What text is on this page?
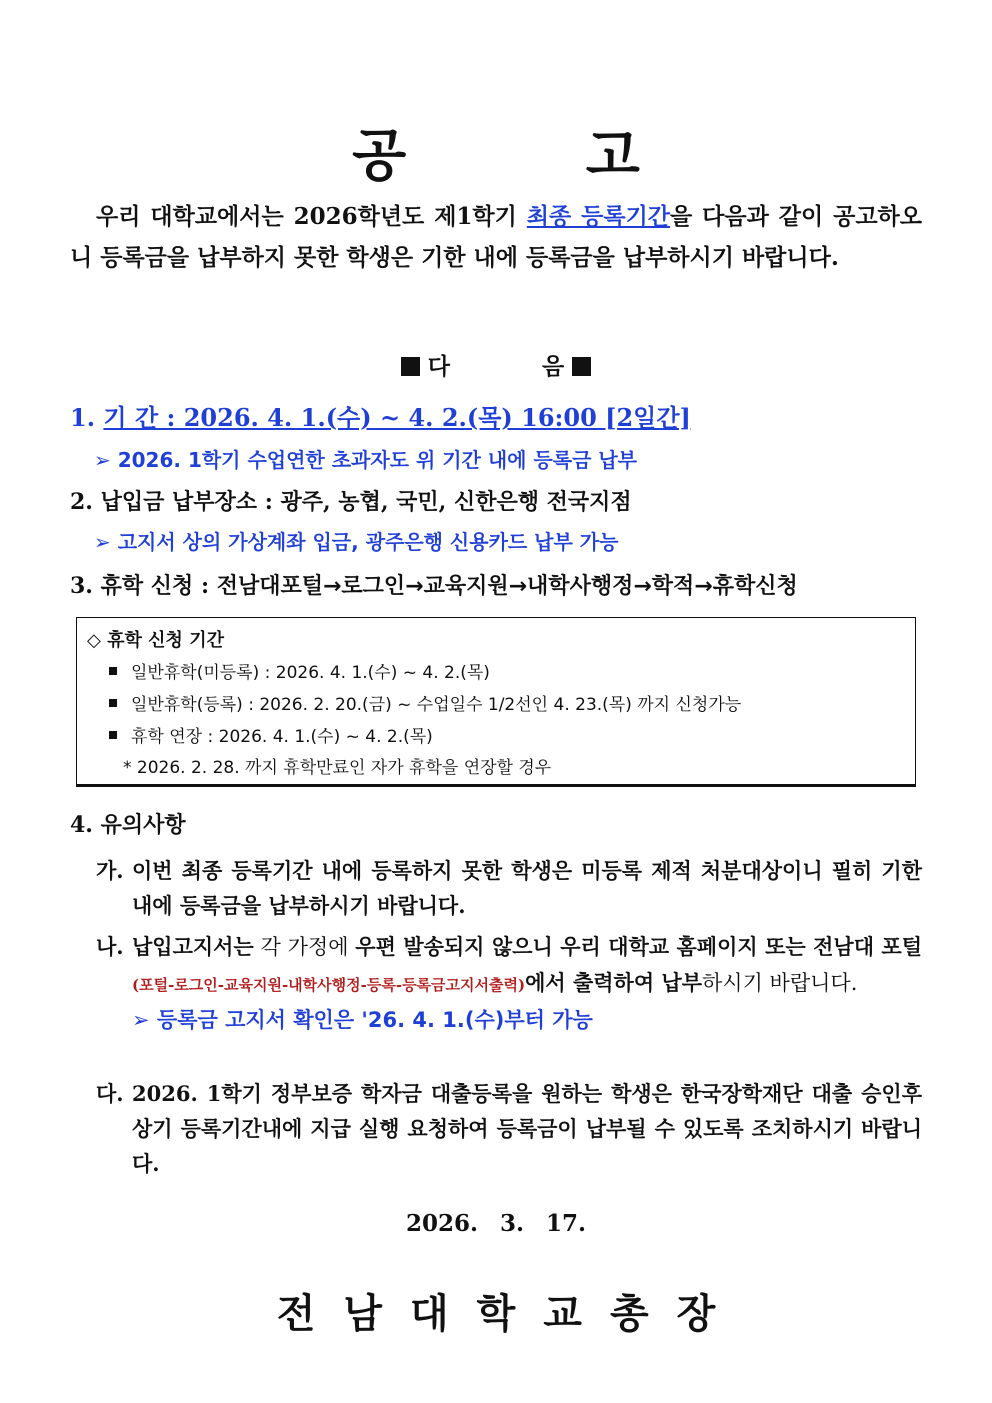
공 고
우리 대학교에서는 2026학년도 제1학기 최종 등록기간을 다음과 같이 공고하오니 등록금을 납부하지 못한 학생은 기한 내에 등록금을 납부하시기 바랍니다.
다	음
1. 기 간 : 2026. 4. 1.(수) ~ 4. 2.(목) 16:00 [2일간]
➢ 2026. 1학기 수업연한 초과자도 위 기간 내에 등록금 납부
2. 납입금 납부장소 : 광주, 농협, 국민, 신한은행 전국지점
➢ 고지서 상의 가상계좌 입금, 광주은행 신용카드 납부 가능
3. 휴학 신청 : 전남대포털→로그인→교육지원→내학사행정→학적→휴학신청
◇ 휴학 신청 기간
일반휴학(미등록) : 2026. 4. 1.(수) ~ 4. 2.(목)
일반휴학(등록) : 2026. 2. 20.(금) ~ 수업일수 1/2선인 4. 23.(목) 까지 신청가능
휴학 연장 : 2026. 4. 1.(수) ~ 4. 2.(목)
* 2026. 2. 28. 까지 휴학만료인 자가 휴학을 연장할 경우
4. 유의사항
가. 이번 최종 등록기간 내에 등록하지 못한 학생은 미등록 제적 처분대상이니 필히 기한 내에 등록금을 납부하시기 바랍니다.
나. 납입고지서는 각 가정에 우편 발송되지 않으니 우리 대학교 홈페이지 또는 전남대 포털(포털-로그인-교육지원-내학사행정-등록-등록금고지서출력)에서 출력하여 납부하시기 바랍니다.
➢ 등록금 고지서 확인은 '26. 4. 1.(수)부터 가능
다. 2026. 1학기 정부보증 학자금 대출등록을 원하는 학생은 한국장학재단 대출 승인후 상기 등록기간내에 지급 실행 요청하여 등록금이 납부될 수 있도록 조치하시기 바랍니다.
2026. 3. 17.
전남대학교총장
